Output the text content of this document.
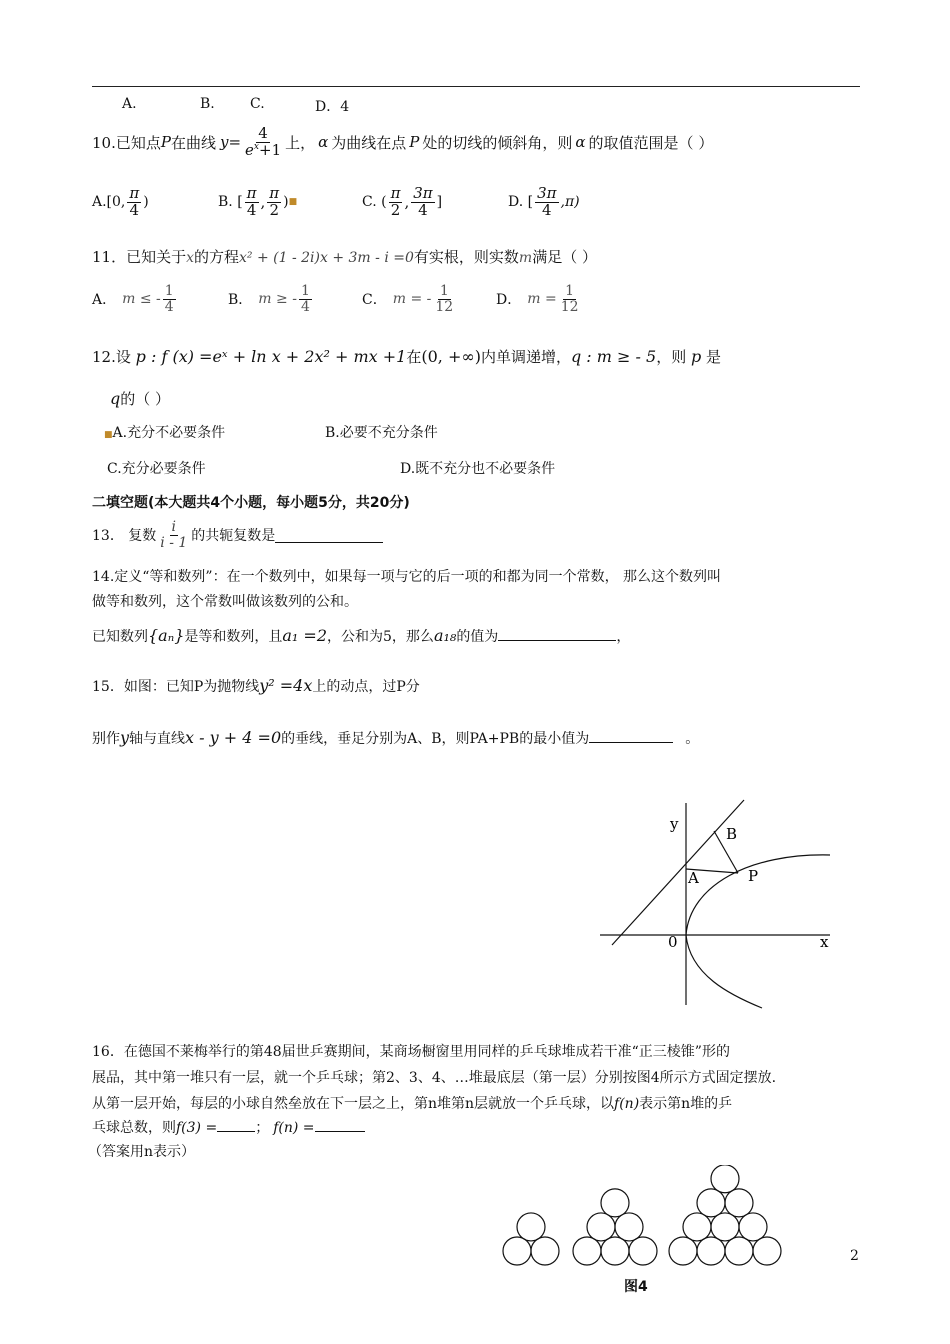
A.	B.	C.	D．4
10.已知点 P 在曲线 $y = \frac{4}{e^x+1}$ 上， α 为曲线在点 P 处的切线的倾斜角，则 α 的取值范围是（ ）
A.[0, $\frac{\pi}{4}$ )	B. [ $\frac{\pi}{4}$ , $\frac{\pi}{2}$ ) ■	C. ( $\frac{\pi}{2}$ , $\frac{3\pi}{4}$ ]	D. [ $\frac{3\pi}{4} ,\pi$)
11．已知关于x的方程x² + (1 - 2i)x + 3m - i =0有实根，则实数m满足（ ）
A． m ≤ - $\frac{1}{4}$	B． m ≥ - $\frac{1}{4}$	C． m = - $\frac{1}{12}$	D． $m = \frac{1}{12}$
12.设 p : f (x) =eˣ + ln x + 2x² + mx +1在(0, +∞)内单调递增，q : m ≥ - 5，则 p 是
q的（ ）
■A.充分不必要条件	B.必要不充分条件
C.充分必要条件	D.既不充分也不必要条件
二填空题(本大题共4个小题，每小题5分，共20分)
13． 复数 $\frac{i}{i - 1}$ 的共轭复数是
14.定义“等和数列”：在一个数列中，如果每一项与它的后一项的和都为同一个常数， 那么这个数列叫
做等和数列，这个常数叫做该数列的公和。
已知数列{aₙ}是等和数列，且a₁ =2，公和为5，那么a₁₈的值为	，
15．如图：已知P为抛物线y² =4x上的动点，过P分
别作y轴与直线x - y + 4 =0的垂线，垂足分别为A、B，则PA+PB的最小值为	。
y
x
0
A
B
P
16．在德国不莱梅举行的第48届世乒赛期间，某商场橱窗里用同样的乒乓球堆成若干准“正三棱锥”形的
展品，其中第一堆只有一层，就一个乒乓球；第2、3、4、…堆最底层（第一层）分别按图4所示方式固定摆放.
从第一层开始，每层的小球自然垒放在下一层之上，第n堆第n层就放一个乒乓球，以f(n)表示第n堆的乒
乓球总数，则f(3) =	； f(n) =
（答案用n表示）
图4
2
